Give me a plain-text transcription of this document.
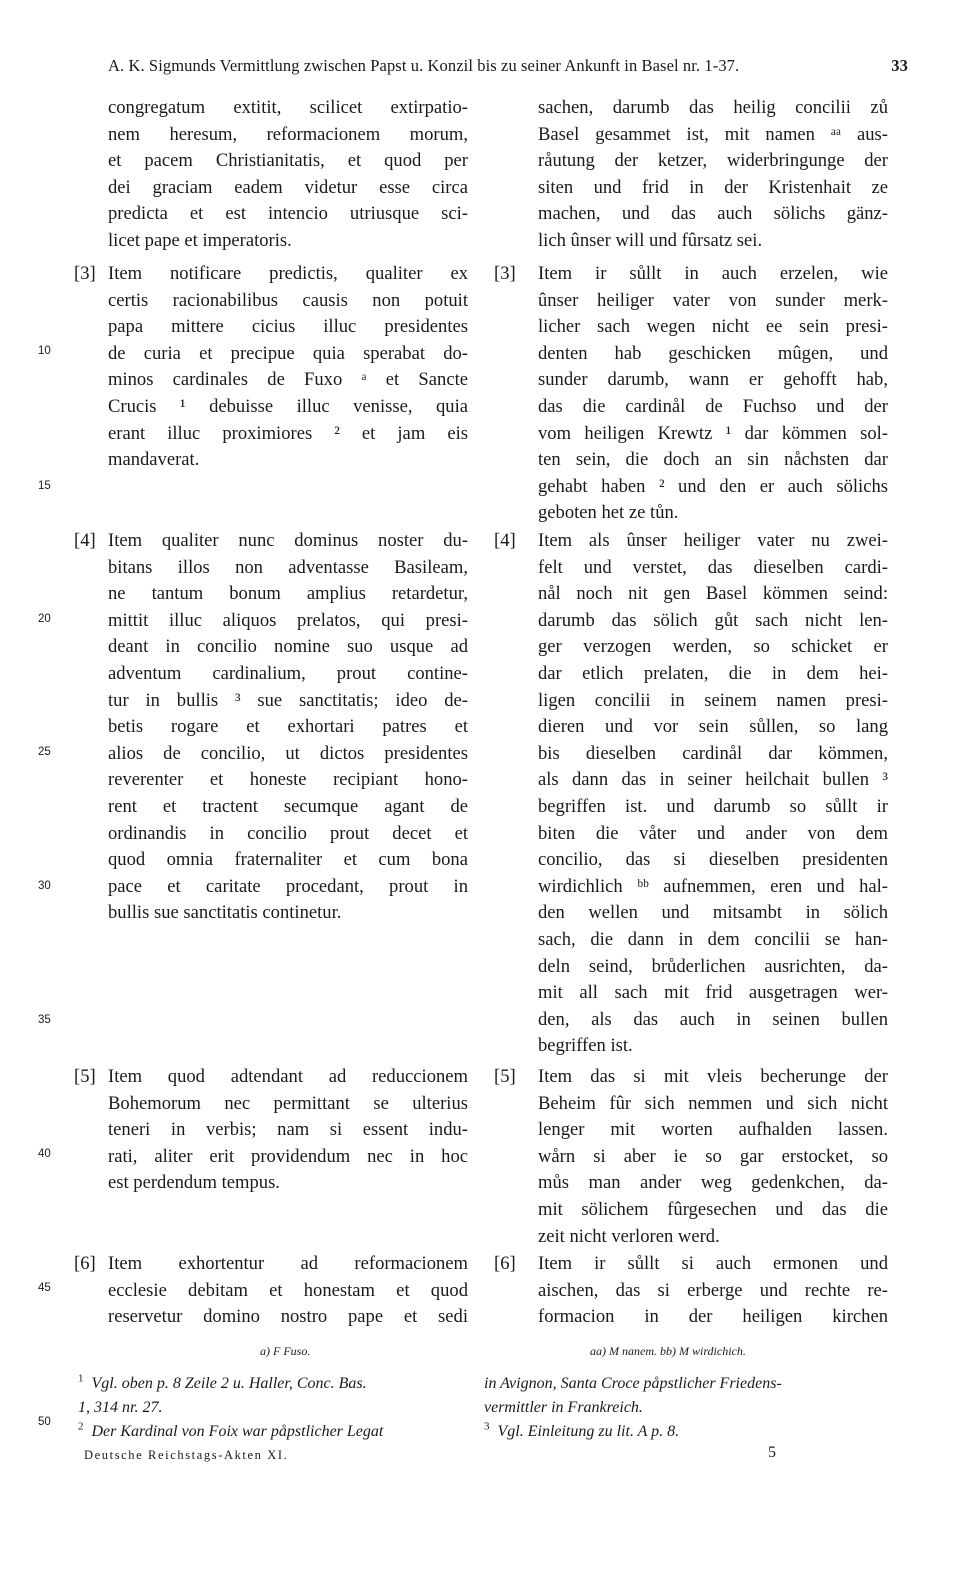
A. K. Sigmunds Vermittlung zwischen Papst u. Konzil bis zu seiner Ankunft in Basel nr. 1-37.	33
10
15
20
25
30
35
40
45
50
congregatum extitit, scilicet extirpatio-
nem heresum, reformacionem morum,
et pacem Christianitatis, et quod per
dei graciam eadem videtur esse circa
predicta et est intencio utriusque sci-
licet pape et imperatoris.
[3] Item notificare predictis, qualiter ex
certis racionabilibus causis non potuit
papa mittere cicius illuc presidentes
de curia et precipue quia sperabat do-
minos cardinales de Fuxo ᵃ et Sancte
Crucis ¹ debuisse illuc venisse, quia
erant illuc proximiores ² et jam eis
mandaverat.
[4] Item qualiter nunc dominus noster du-
bitans illos non adventasse Basileam,
ne tantum bonum amplius retardetur,
mittit illuc aliquos prelatos, qui presi-
deant in concilio nomine suo usque ad
adventum cardinalium, prout contine-
tur in bullis ³ sue sanctitatis; ideo de-
betis rogare et exhortari patres et
alios de concilio, ut dictos presidentes
reverenter et honeste recipiant hono-
rent et tractent secumque agant de
ordinandis in concilio prout decet et
quod omnia fraternaliter et cum bona
pace et caritate procedant, prout in
bullis sue sanctitatis continetur.
[5] Item quod adtendant ad reduccionem
Bohemorum nec permittant se ulterius
teneri in verbis; nam si essent indu-
rati, aliter erit providendum nec in hoc
est perdendum tempus.
[6] Item exhortentur ad reformacionem
ecclesie debitam et honestam et quod
reservetur domino nostro pape et sedi
sachen, darumb das heilig concilii zů
Basel gesammet ist, mit namen ᵃᵃ aus-
råutung der ketzer, widerbringunge der
siten und frid in der Kristenhait ze
machen, und das auch sölichs gänz-
lich ûnser will und fûrsatz sei.
[3] Item ir sůllt in auch erzelen, wie
ûnser heiliger vater von sunder merk-
licher sach wegen nicht ee sein presi-
denten hab geschicken mûgen, und
sunder darumb, wann er gehofft hab,
das die cardinål de Fuchso und der
vom heiligen Krewtz ¹ dar kömmen sol-
ten sein, die doch an sin nåchsten dar
gehabt haben ² und den er auch sölichs
geboten het ze tůn.
[4] Item als ûnser heiliger vater nu zwei-
felt und verstet, das dieselben cardi-
nål noch nit gen Basel kömmen seind:
darumb das sölich gůt sach nicht len-
ger verzogen werden, so schicket er
dar etlich prelaten, die in dem hei-
ligen concilii in seinem namen presi-
dieren und vor sein sůllen, so lang
bis dieselben cardinål dar kömmen,
als dann das in seiner heilchait bullen ³
begriffen ist. und darumb so sůllt ir
biten die våter und ander von dem
concilio, das si dieselben presidenten
wirdichlich ᵇᵇ aufnemmen, eren und hal-
den wellen und mitsambt in sölich
sach, die dann in dem concilii se han-
deln seind, brůderlichen ausrichten, da-
mit all sach mit frid ausgetragen wer-
den, als das auch in seinen bullen
begriffen ist.
[5] Item das si mit vleis becherunge der
Beheim fûr sich nemmen und sich nicht
lenger mit worten aufhalden lassen.
wårn si aber ie so gar erstocket, so
můs man ander weg gedenkchen, da-
mit sölichem fûrgesechen und das die
zeit nicht verloren werd.
[6] Item ir sůllt si auch ermonen und
aischen, das si erberge und rechte re-
formacion in der heiligen kirchen
a) F Fuso.	aa) M nanem. bb) M wirdichich.
$^1$ Vgl. oben p. 8 Zeile 2 u. Haller, Conc. Bas.
1, 314 nr. 27.
$^2$ Der Kardinal von Foix war påpstlicher Legat
in Avignon, Santa Croce påpstlicher Friedens-
vermittler in Frankreich.
$^3$ Vgl. Einleitung zu lit. A p. 8.
Deutsche Reichstags-Akten XI.	5
